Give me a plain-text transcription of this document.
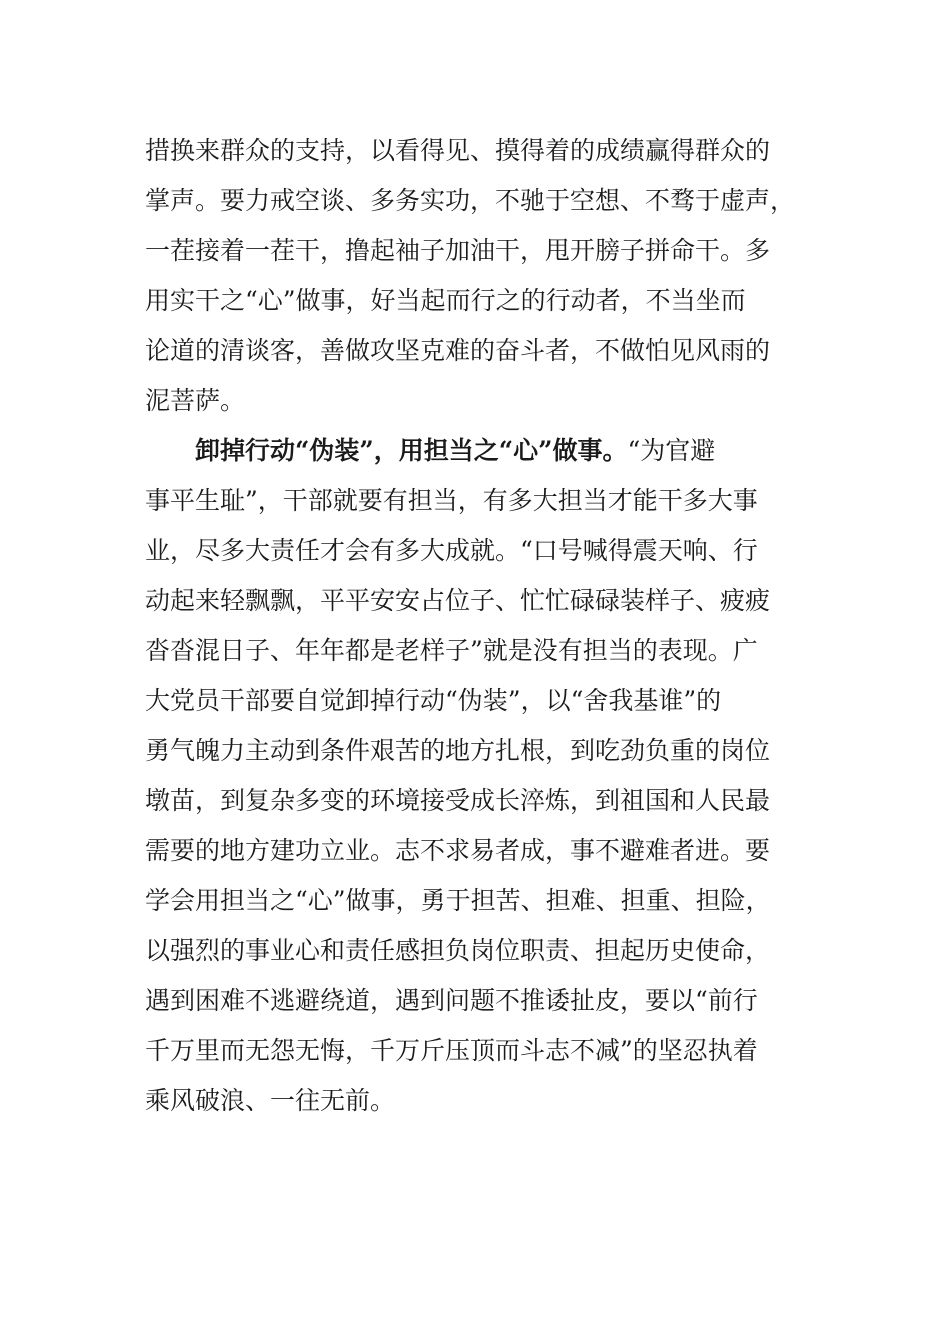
措换来群众的支持，以看得见、摸得着的成绩赢得群众的
掌声。要力戒空谈、多务实功，不驰于空想、不骛于虚声，
一茬接着一茬干，撸起袖子加油干，甩开膀子拼命干。多
用实干之“心”做事，好当起而行之的行动者，不当坐而
论道的清谈客，善做攻坚克难的奋斗者，不做怕见风雨的
泥菩萨。
卸掉行动“伪装”，用担当之“心”做事。“为官避
事平生耻”，干部就要有担当，有多大担当才能干多大事
业，尽多大责任才会有多大成就。“口号喊得震天响、行
动起来轻飘飘，平平安安占位子、忙忙碌碌装样子、疲疲
沓沓混日子、年年都是老样子”就是没有担当的表现。广
大党员干部要自觉卸掉行动“伪装”，以“舍我基谁”的
勇气魄力主动到条件艰苦的地方扎根，到吃劲负重的岗位
墩苗，到复杂多变的环境接受成长淬炼，到祖国和人民最
需要的地方建功立业。志不求易者成，事不避难者进。要
学会用担当之“心”做事，勇于担苦、担难、担重、担险，
以强烈的事业心和责任感担负岗位职责、担起历史使命，
遇到困难不逃避绕道，遇到问题不推诿扯皮，要以“前行
千万里而无怨无悔，千万斤压顶而斗志不减”的坚忍执着
乘风破浪、一往无前。
